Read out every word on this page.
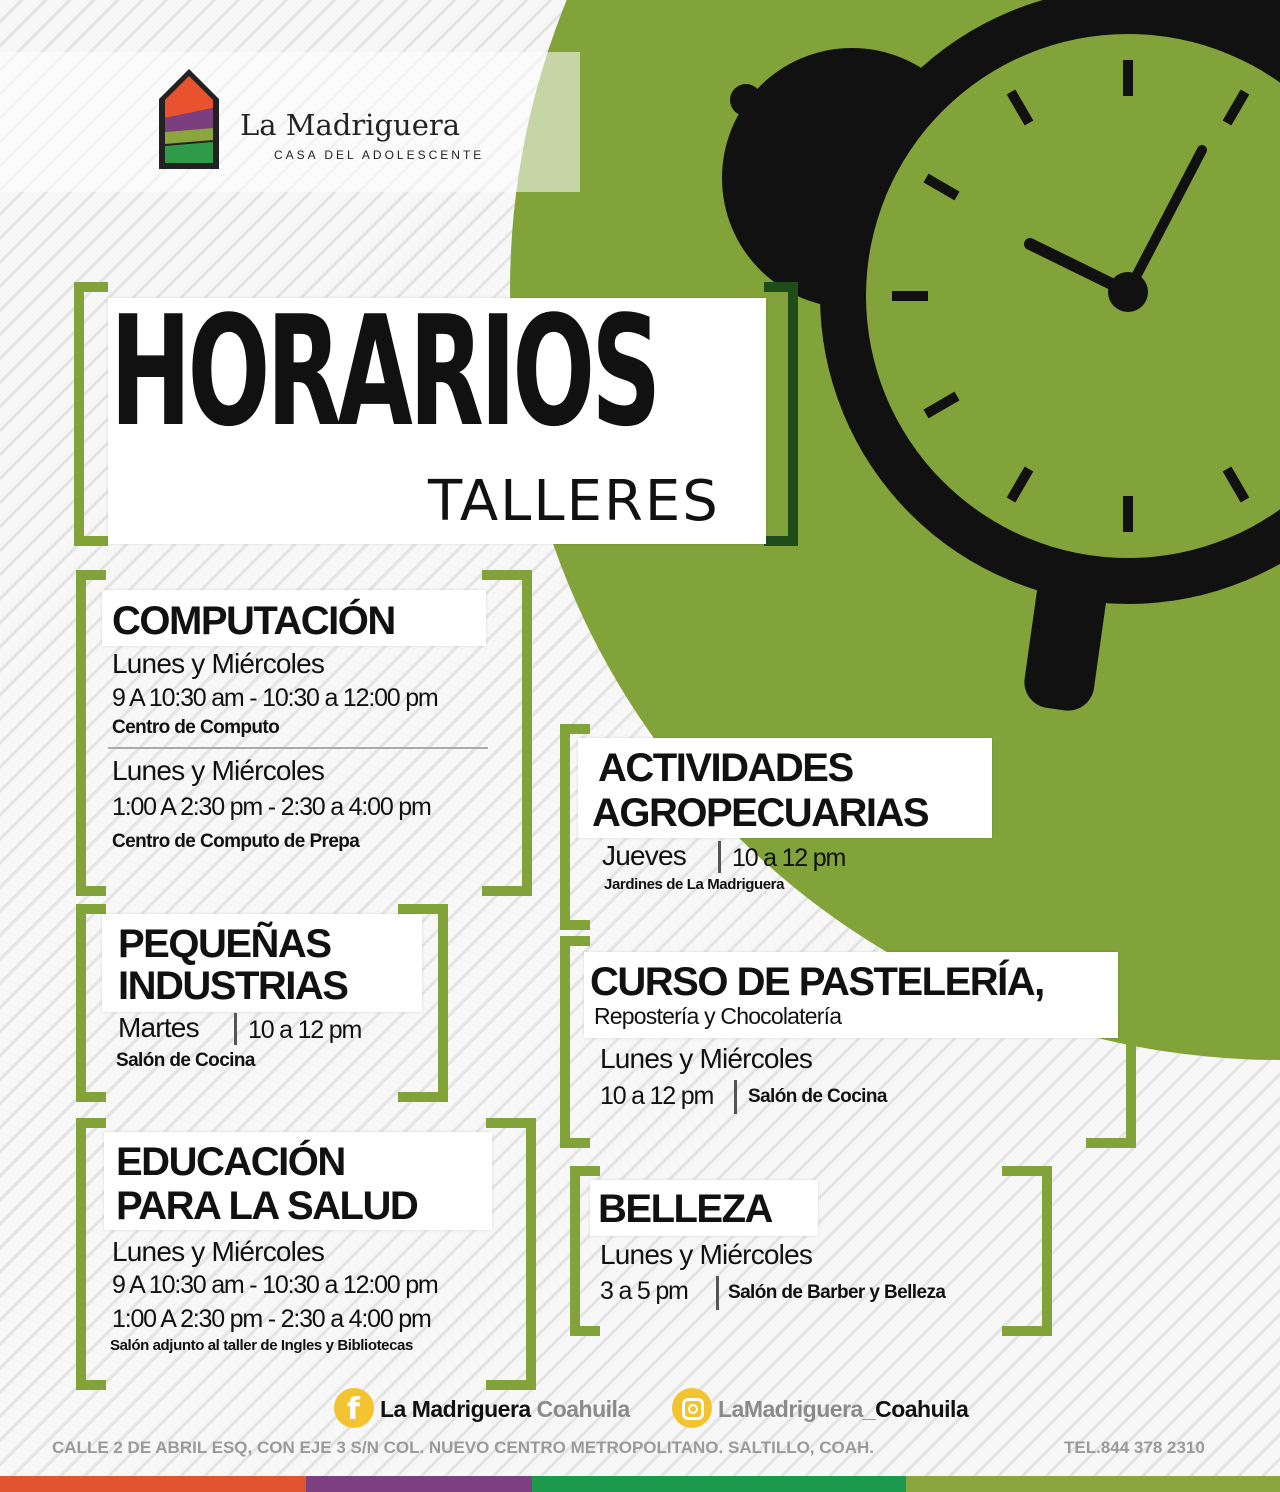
La Madriguera
CASA DEL ADOLESCENTE
HORARIOS
TALLERES
COMPUTACIÓN
Lunes y Miércoles
9 A 10:30 am - 10:30 a 12:00 pm
Centro de Computo
Lunes y Miércoles
1:00 A 2:30 pm - 2:30 a 4:00 pm
Centro de Computo de Prepa
PEQUEÑAS
INDUSTRIAS
Martes 10 a 12 pm
Salón de Cocina
EDUCACIÓN
PARA LA SALUD
Lunes y Miércoles
9 A 10:30 am - 10:30 a 12:00 pm
1:00 A 2:30 pm - 2:30 a 4:00 pm
Salón adjunto al taller de Ingles y Bibliotecas
ACTIVIDADES
AGROPECUARIAS
Jueves 10 a 12 pm
Jardines de La Madriguera
CURSO DE PASTELERÍA,
Repostería y Chocolatería
Lunes y Miércoles
10 a 12 pm Salón de Cocina
BELLEZA
Lunes y Miércoles
3 a 5 pm Salón de Barber y Belleza
f La Madriguera Coahuila	LaMadriguera_Coahuila
CALLE 2 DE ABRIL ESQ, CON EJE 3 S/N COL. NUEVO CENTRO METROPOLITANO. SALTILLO, COAH.	TEL.844 378 2310
